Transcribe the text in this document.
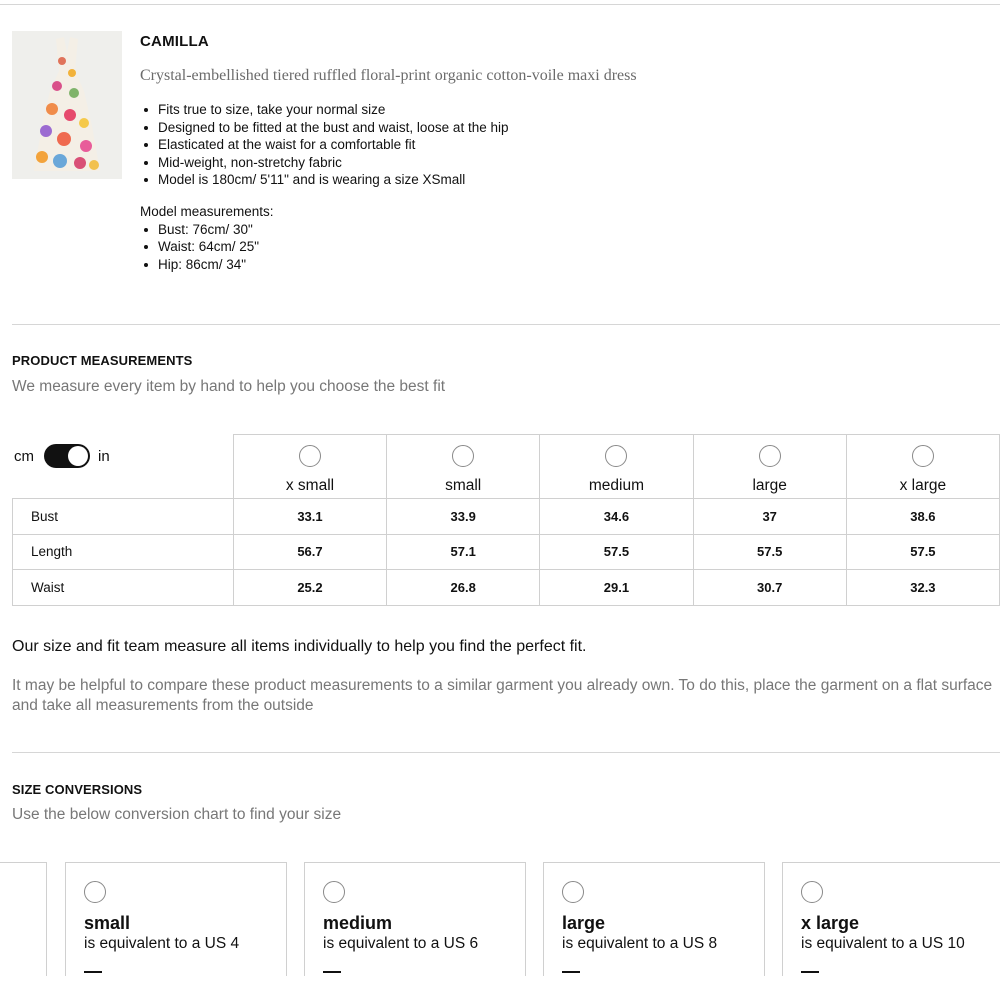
CAMILLA
Crystal-embellished tiered ruffled floral-print organic cotton-voile maxi dress
Fits true to size, take your normal size
Designed to be fitted at the bust and waist, loose at the hip
Elasticated at the waist for a comfortable fit
Mid-weight, non-stretchy fabric
Model is 180cm/ 5'11" and is wearing a size XSmall
Model measurements:
Bust: 76cm/ 30"
Waist: 64cm/ 25"
Hip: 86cm/ 34"
PRODUCT MEASUREMENTS
We measure every item by hand to help you choose the best fit

	x small	small	medium	large	x large

Bust	33.1	33.9	34.6	37	38.6
Length	56.7	57.1	57.5	57.5	57.5
Waist	25.2	26.8	29.1	30.7	32.3
cm	in
Our size and fit team measure all items individually to help you find the perfect fit.
It may be helpful to compare these product measurements to a similar garment you already own. To do this, place the garment on a flat surface and take all measurements from the outside
SIZE CONVERSIONS
Use the below conversion chart to find your size
small
is equivalent to a US 4
medium
is equivalent to a US 6
large
is equivalent to a US 8
x large
is equivalent to a US 10
